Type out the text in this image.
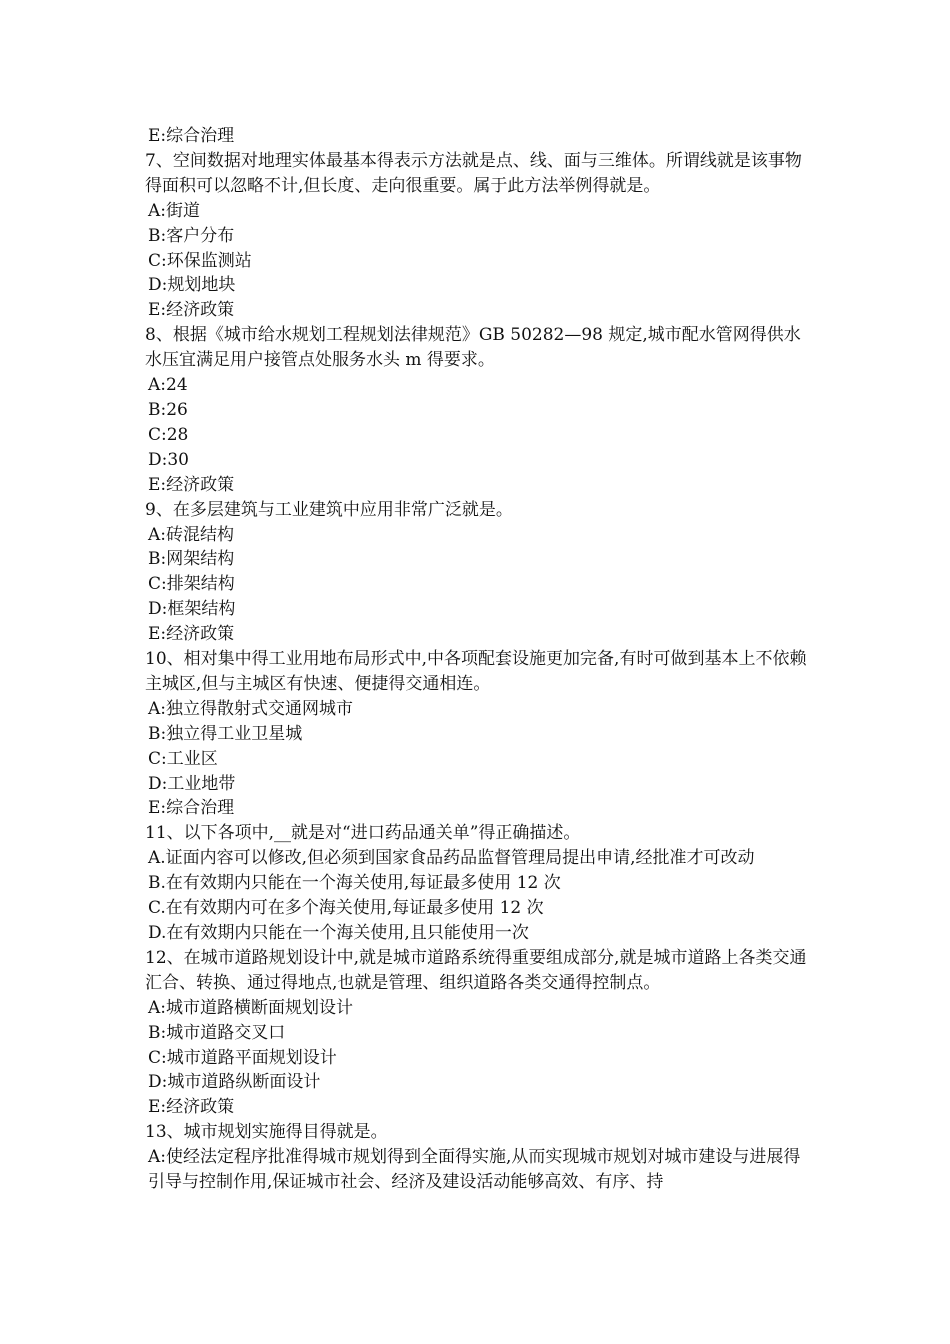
E:综合治理

7、空间数据对地理实体最基本得表示方法就是点、线、面与三维体。所谓线就是该事物得面积可以忽略不计,但长度、走向很重要。属于此方法举例得就是。

A:街道

B:客户分布

C:环保监测站

D:规划地块

E:经济政策

8、根据《城市给水规划工程规划法律规范》GB 50282—98 规定,城市配水管网得供水水压宜满足用户接管点处服务水头 m 得要求。

A:24

B:26

C:28

D:30

E:经济政策

9、在多层建筑与工业建筑中应用非常广泛就是。

A:砖混结构

B:网架结构

C:排架结构

D:框架结构

E:经济政策

10、相对集中得工业用地布局形式中,中各项配套设施更加完备,有时可做到基本上不依赖主城区,但与主城区有快速、便捷得交通相连。

A:独立得散射式交通网城市

B:独立得工业卫星城

C:工业区

D:工业地带

E:综合治理

11、以下各项中,__就是对“进口药品通关单”得正确描述。

A.证面内容可以修改,但必须到国家食品药品监督管理局提出申请,经批准才可改动

B.在有效期内只能在一个海关使用,每证最多使用 12 次

C.在有效期内可在多个海关使用,每证最多使用 12 次

D.在有效期内只能在一个海关使用,且只能使用一次

12、在城市道路规划设计中,就是城市道路系统得重要组成部分,就是城市道路上各类交通汇合、转换、通过得地点,也就是管理、组织道路各类交通得控制点。

A:城市道路横断面规划设计

B:城市道路交叉口

C:城市道路平面规划设计

D:城市道路纵断面设计

E:经济政策

13、城市规划实施得目得就是。

A:使经法定程序批准得城市规划得到全面得实施,从而实现城市规划对城市建设与进展得引导与控制作用,保证城市社会、经济及建设活动能够高效、有序、持
